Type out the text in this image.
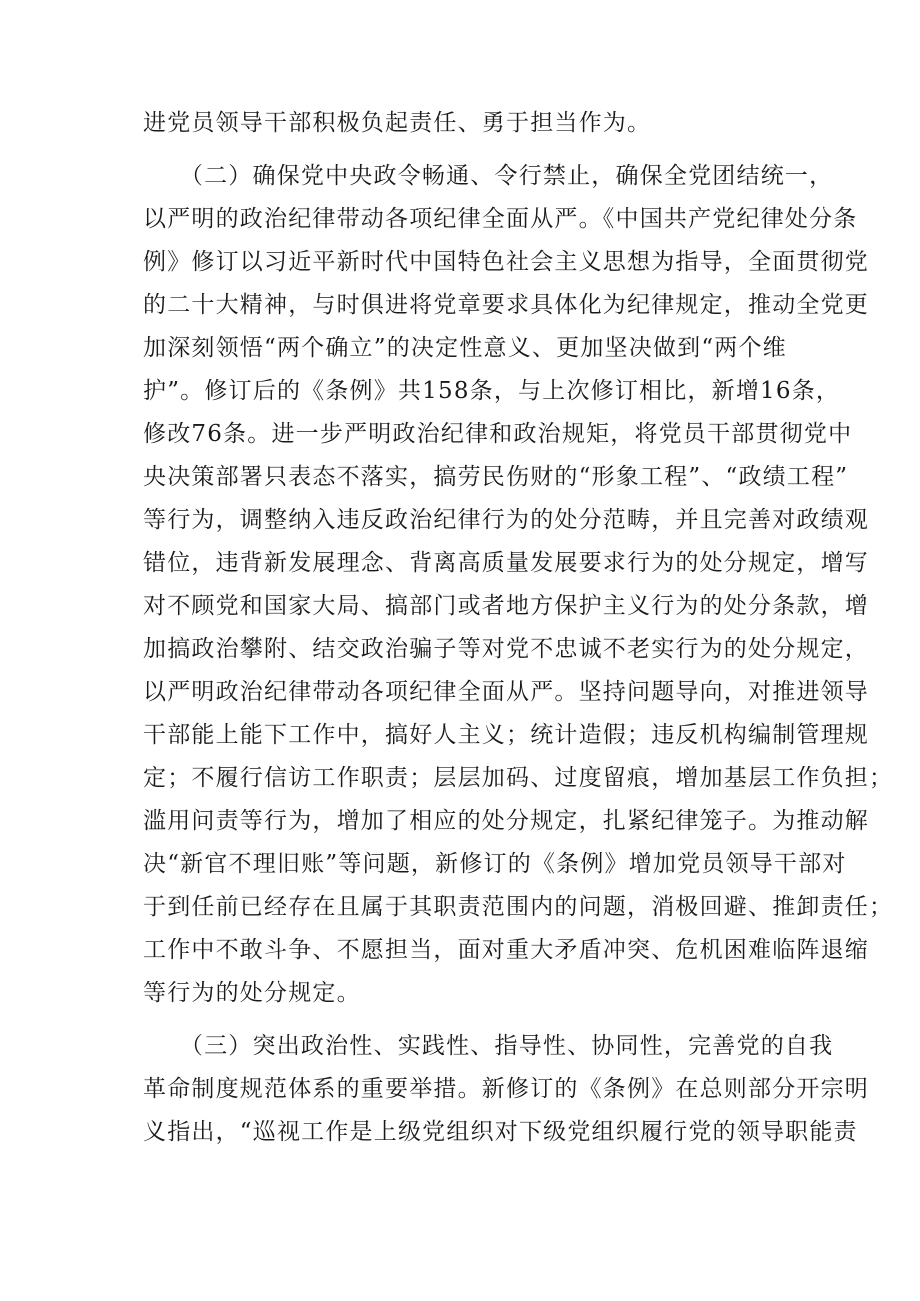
进党员领导干部积极负起责任、勇于担当作为。
　　（二）确保党中央政令畅通、令行禁止，确保全党团结统一，
以严明的政治纪律带动各项纪律全面从严。《中国共产党纪律处分条
例》修订以习近平新时代中国特色社会主义思想为指导，全面贯彻党
的二十大精神，与时俱进将党章要求具体化为纪律规定，推动全党更
加深刻领悟“两个确立”的决定性意义、更加坚决做到“两个维
护”。修订后的《条例》共158条，与上次修订相比，新增16条，
修改76条。进一步严明政治纪律和政治规矩，将党员干部贯彻党中
央决策部署只表态不落实，搞劳民伤财的“形象工程”、“政绩工程”
等行为，调整纳入违反政治纪律行为的处分范畴，并且完善对政绩观
错位，违背新发展理念、背离高质量发展要求行为的处分规定，增写
对不顾党和国家大局、搞部门或者地方保护主义行为的处分条款，增
加搞政治攀附、结交政治骗子等对党不忠诚不老实行为的处分规定，
以严明政治纪律带动各项纪律全面从严。坚持问题导向，对推进领导
干部能上能下工作中，搞好人主义；统计造假；违反机构编制管理规
定；不履行信访工作职责；层层加码、过度留痕，增加基层工作负担；
滥用问责等行为，增加了相应的处分规定，扎紧纪律笼子。为推动解
决“新官不理旧账”等问题，新修订的《条例》增加党员领导干部对
于到任前已经存在且属于其职责范围内的问题，消极回避、推卸责任；
工作中不敢斗争、不愿担当，面对重大矛盾冲突、危机困难临阵退缩
等行为的处分规定。
　　（三）突出政治性、实践性、指导性、协同性，完善党的自我
革命制度规范体系的重要举措。新修订的《条例》在总则部分开宗明
义指出，“巡视工作是上级党组织对下级党组织履行党的领导职能责
